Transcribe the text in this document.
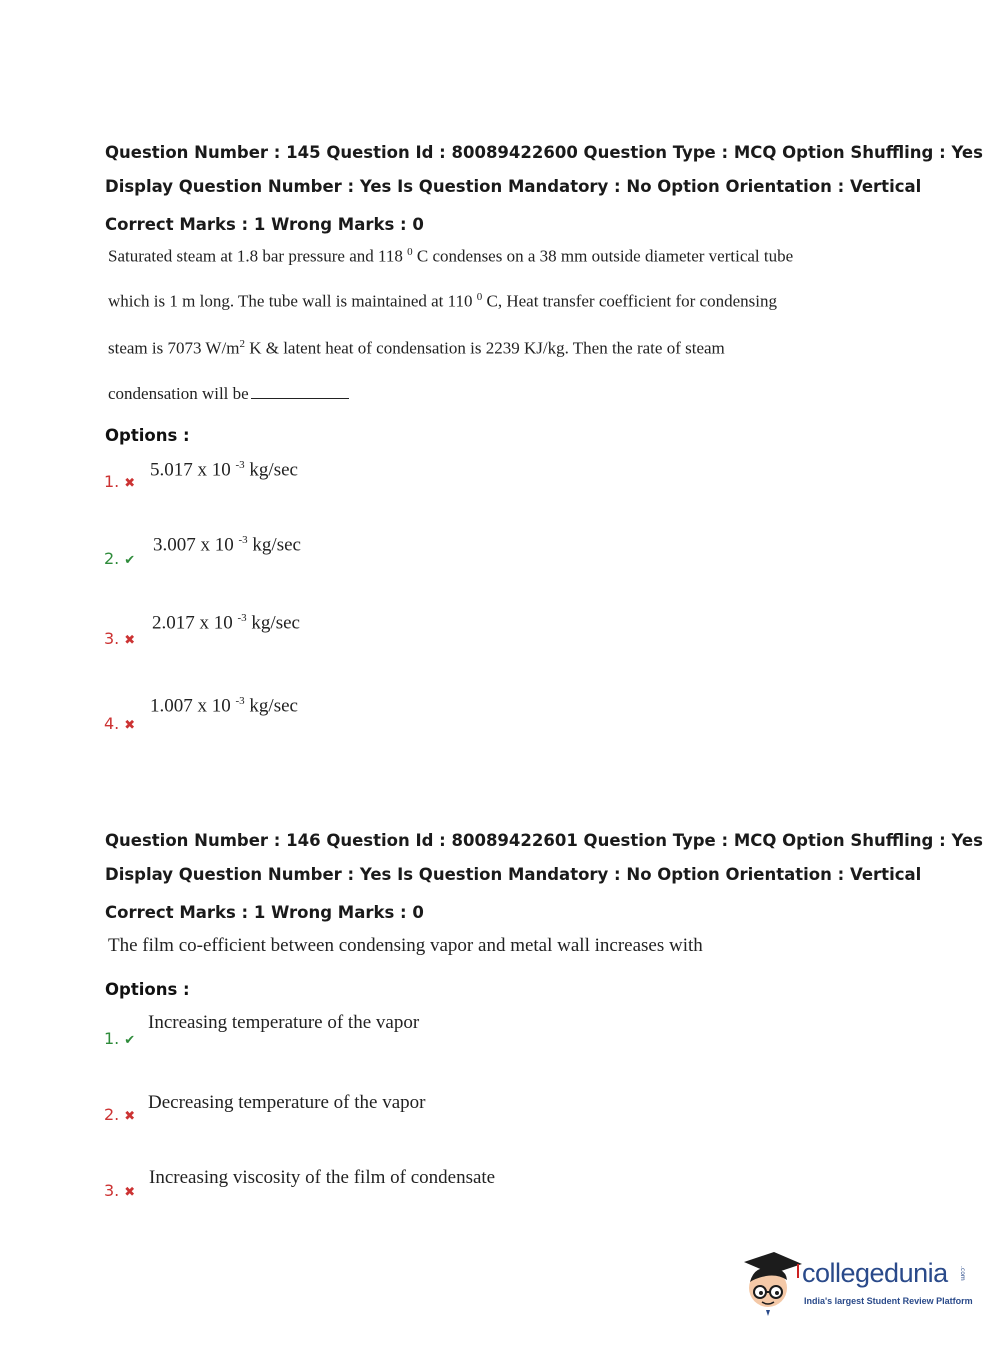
Question Number : 145 Question Id : 80089422600 Question Type : MCQ Option Shuffling : Yes
Display Question Number : Yes Is Question Mandatory : No Option Orientation : Vertical
Correct Marks : 1 Wrong Marks : 0
Saturated steam at 1.8 bar pressure and 118 $^0$ C condenses on a 38 mm outside diameter vertical tube
which is 1 m long. The tube wall is maintained at 110 $^0$ C, Heat transfer coefficient for condensing
steam is 7073 $W/m^2$ K & latent heat of condensation is 2239 KJ/kg. Then the rate of steam
condensation will be
Options :
1. ✖
5.017 x 10 $^{-3}$ kg/sec
2. ✔
3.007 x 10 $^{-3}$ kg/sec
3. ✖
2.017 x 10 $^{-3}$ kg/sec
4. ✖
1.007 x 10 $^{-3}$ kg/sec
Question Number : 146 Question Id : 80089422601 Question Type : MCQ Option Shuffling : Yes
Display Question Number : Yes Is Question Mandatory : No Option Orientation : Vertical
Correct Marks : 1 Wrong Marks : 0
The film co-efficient between condensing vapor and metal wall increases with
Options :
1. ✔
Increasing temperature of the vapor
2. ✖
Decreasing temperature of the vapor
3. ✖
Increasing viscosity of the film of condensate
collegedunia .com
India's largest Student Review Platform
